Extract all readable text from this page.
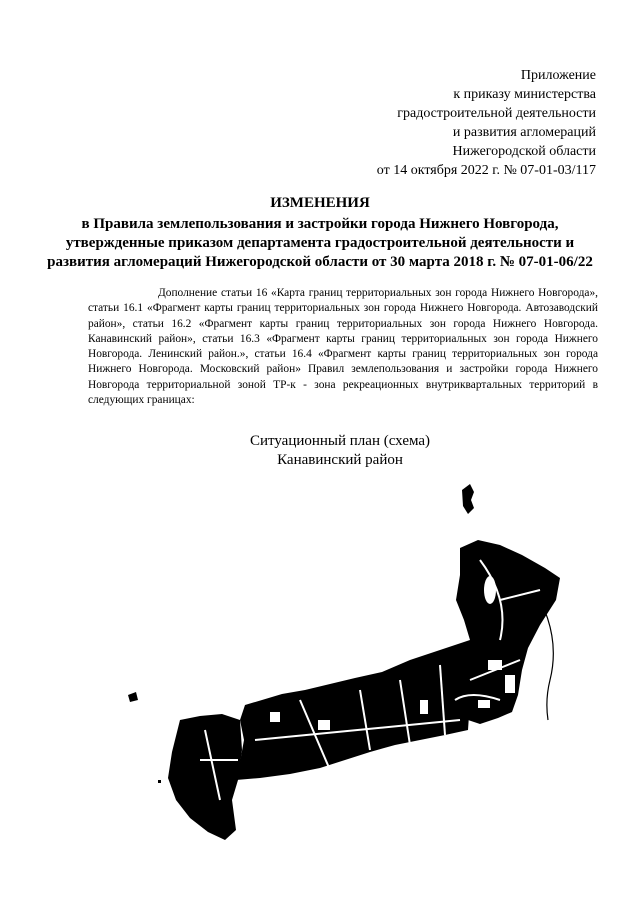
Приложение
к приказу министерства
градостроительной деятельности
и развития агломераций
Нижегородской области
от 14 октября 2022 г. № 07-01-03/117
ИЗМЕНЕНИЯ
в Правила землепользования и застройки города Нижнего Новгорода, утвержденные приказом департамента градостроительной деятельности и развития агломераций Нижегородской области от 30 марта 2018 г. № 07-01-06/22
Дополнение статьи 16 «Карта границ территориальных зон города Нижнего Новгорода», статьи 16.1 «Фрагмент карты границ территориальных зон города Нижнего Новгорода. Автозаводский район», статьи 16.2 «Фрагмент карты границ территориальных зон города Нижнего Новгорода. Канавинский район», статьи 16.3 «Фрагмент карты границ территориальных зон города Нижнего Новгорода. Ленинский район.», статьи 16.4 «Фрагмент карты границ территориальных зон города Нижнего Новгорода. Московский район» Правил землепользования и застройки города Нижнего Новгорода территориальной зоной ТР-к - зона рекреационных внутриквартальных территорий в следующих границах:
Ситуационный план (схема)
Канавинский район
